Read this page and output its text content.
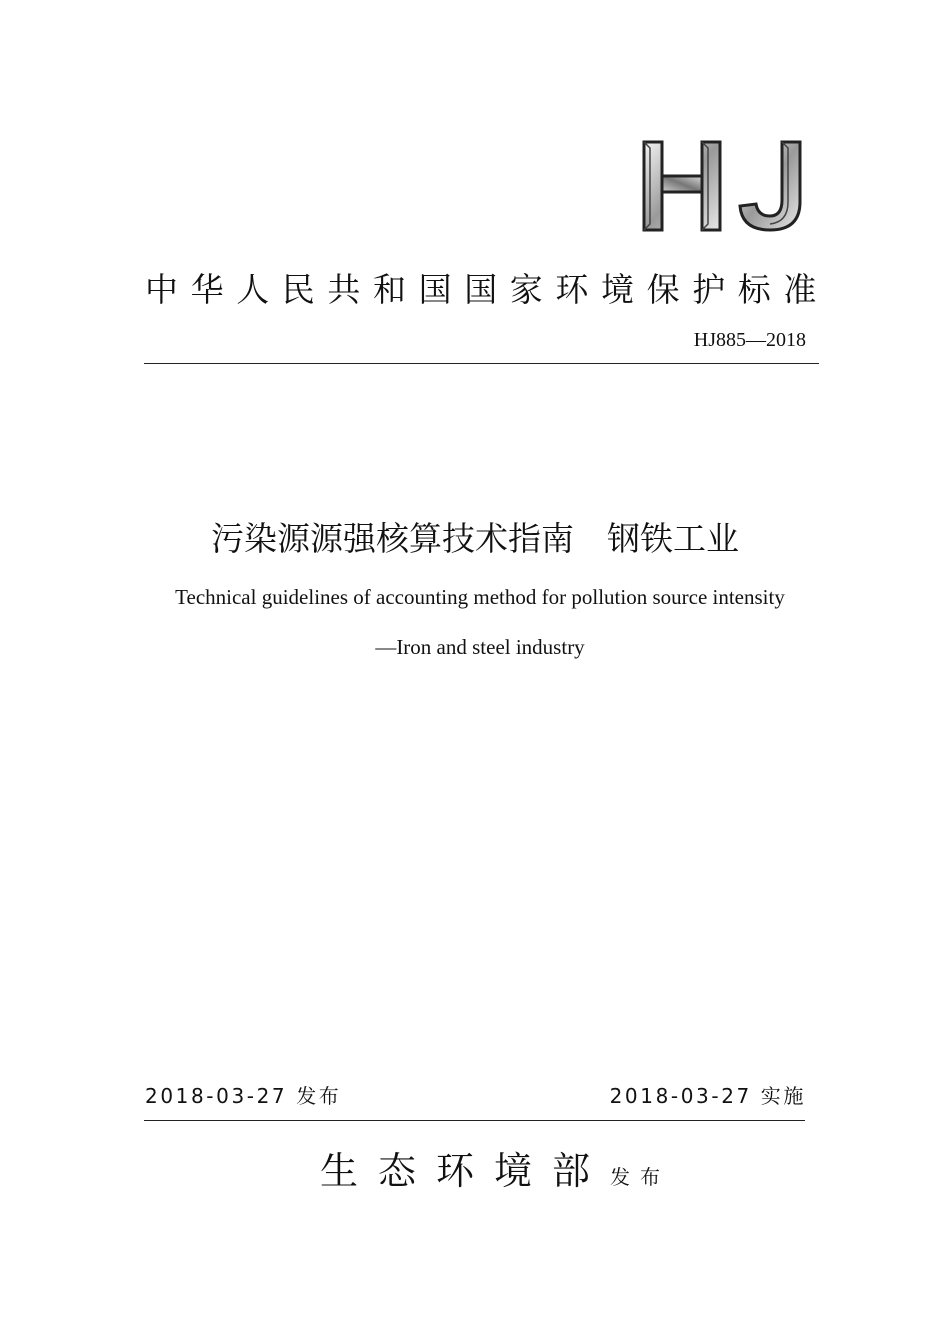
中华人民共和国国家环境保护标准
HJ885—2018
污染源源强核算技术指南　钢铁工业
Technical guidelines of accounting method for pollution source intensity
—Iron and steel industry
2018-03-27 发布	2018-03-27 实施
生态环境部发布
